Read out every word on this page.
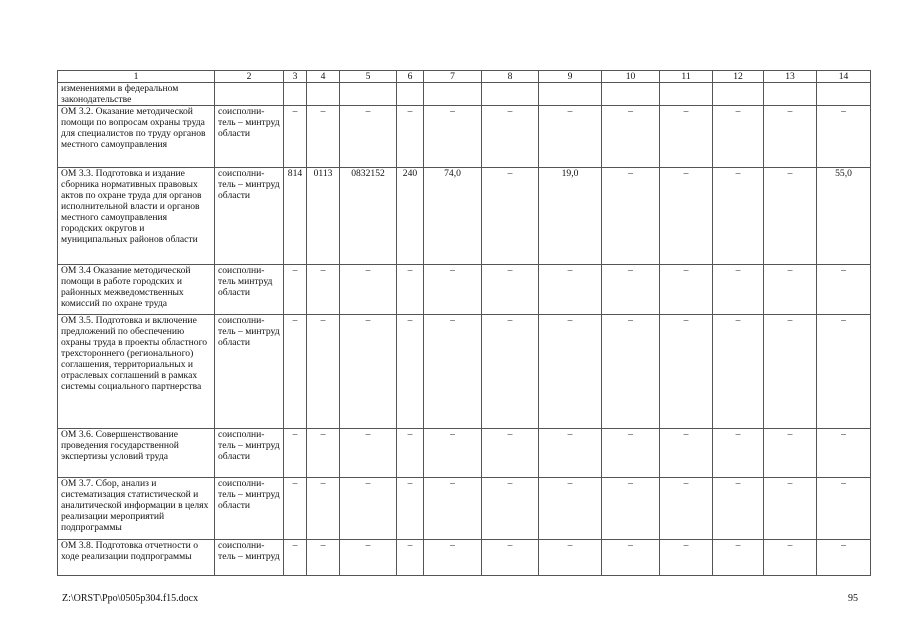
1	2	3	4	5	6	7	8	9	10	11	12	13	14
изменениями в федеральном законодательстве													
ОМ 3.2. Оказание методической помощи по вопросам охраны труда для специалистов по труду органов местного самоуправления	соисполни-тель – минтруд области	–	–	–	–	–	–	–	–	–	–	–	–
ОМ 3.3. Подготовка и издание сборника нормативных правовых актов по охране труда для органов исполнительной власти и органов местного самоуправления городских округов и муниципальных районов области	соисполни-тель – минтруд области	814	0113	0832152	240	74,0	–	19,0	–	–	–	–	55,0
ОМ 3.4 Оказание методической помощи в работе городских и районных межведомственных комиссий по охране труда	соисполни-тель минтруд области	–	–	–	–	–	–	–	–	–	–	–	–
ОМ 3.5. Подготовка и включение предложений по обеспечению охраны труда в проекты областного трехстороннего (регионального) соглашения, территориальных и отраслевых соглашений в рамках системы социального партнерства	соисполни-тель – минтруд области	–	–	–	–	–	–	–	–	–	–	–	–
ОМ 3.6. Совершенствование проведения государственной экспертизы условий труда	соисполни-тель – минтруд области	–	–	–	–	–	–	–	–	–	–	–	–
ОМ 3.7. Сбор, анализ и систематизация статистической и аналитической информации в целях реализации мероприятий подпрограммы	соисполни-тель – минтруд области	–	–	–	–	–	–	–	–	–	–	–	–
ОМ 3.8. Подготовка отчетности о ходе реализации подпрограммы	соисполни-тель – минтруд	–	–	–	–	–	–	–	–	–	–	–	–
Z:\ORST\Ppo\0505p304.f15.docx	95
